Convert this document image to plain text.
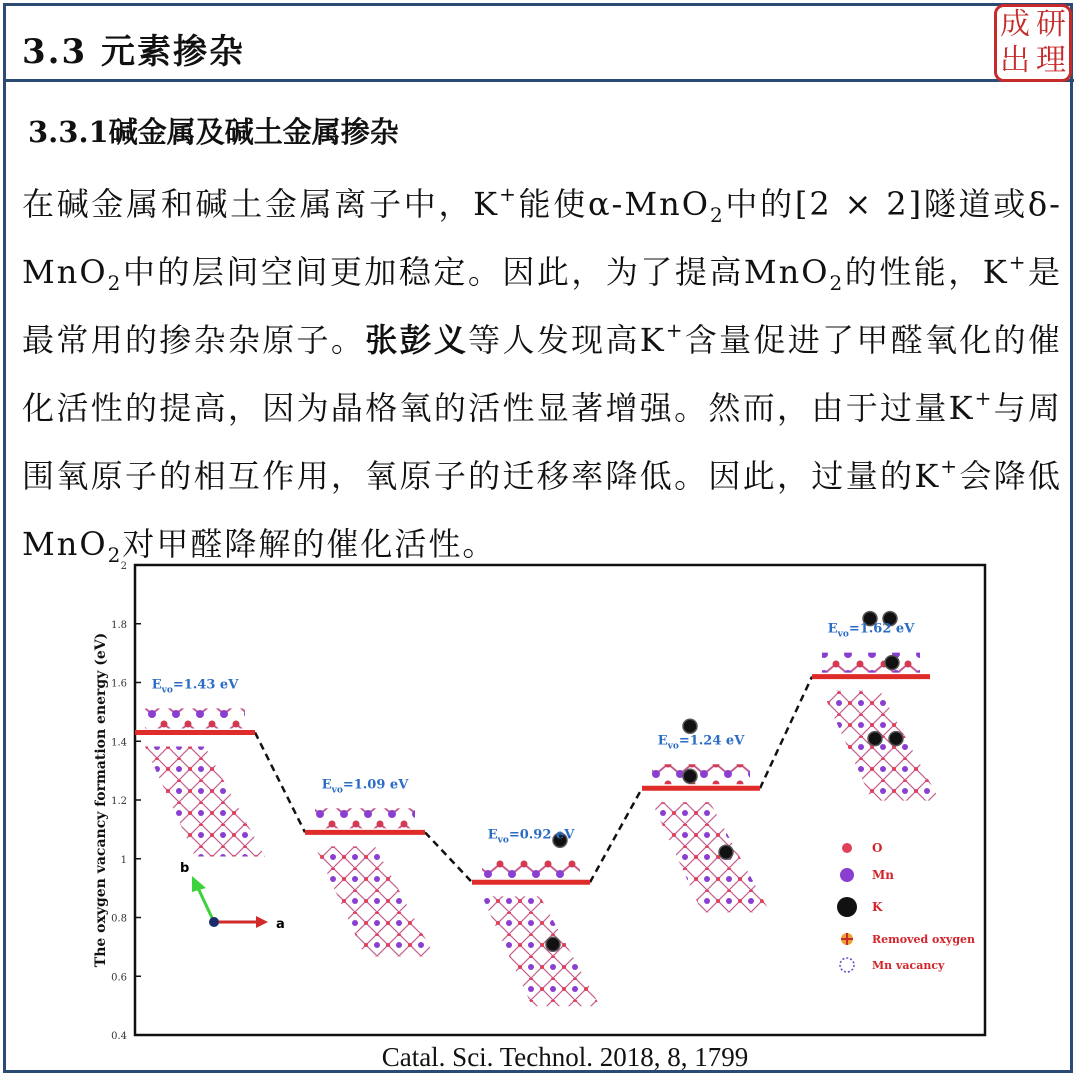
3.3 元素掺杂
成 研
出 理
3.3.1碱金属及碱土金属掺杂
在碱金属和碱土金属离子中，K+能使α-MnO$_2$中的[2 × 2]隧道或δ-MnO$_2$中的层间空间更加稳定。因此，为了提高MnO$_2$的性能，K+是最常用的掺杂杂原子。张彭义等人发现高K+含量促进了甲醛氧化的催化活性的提高，因为晶格氧的活性显著增强。然而，由于过量K+与周围氧原子的相互作用，氧原子的迁移率降低。因此，过量的K+会降低MnO$_2$对甲醛降解的催化活性。
2
1.8
1.6
1.4
1.2
1
0.8
0.6
0.4
The oxygen vacancy formation energy (eV)	$E_{vo}=1.43$ eV
$E_{vo}=1.09$ eV
$E_{vo}=0.92$ eV
$E_{vo}=1.24$ eV
$E_{vo}=1.62$ eV
b
a
O
Mn
K
Removed oxygen
Mn vacancy
Catal. Sci. Technol. 2018, 8, 1799
